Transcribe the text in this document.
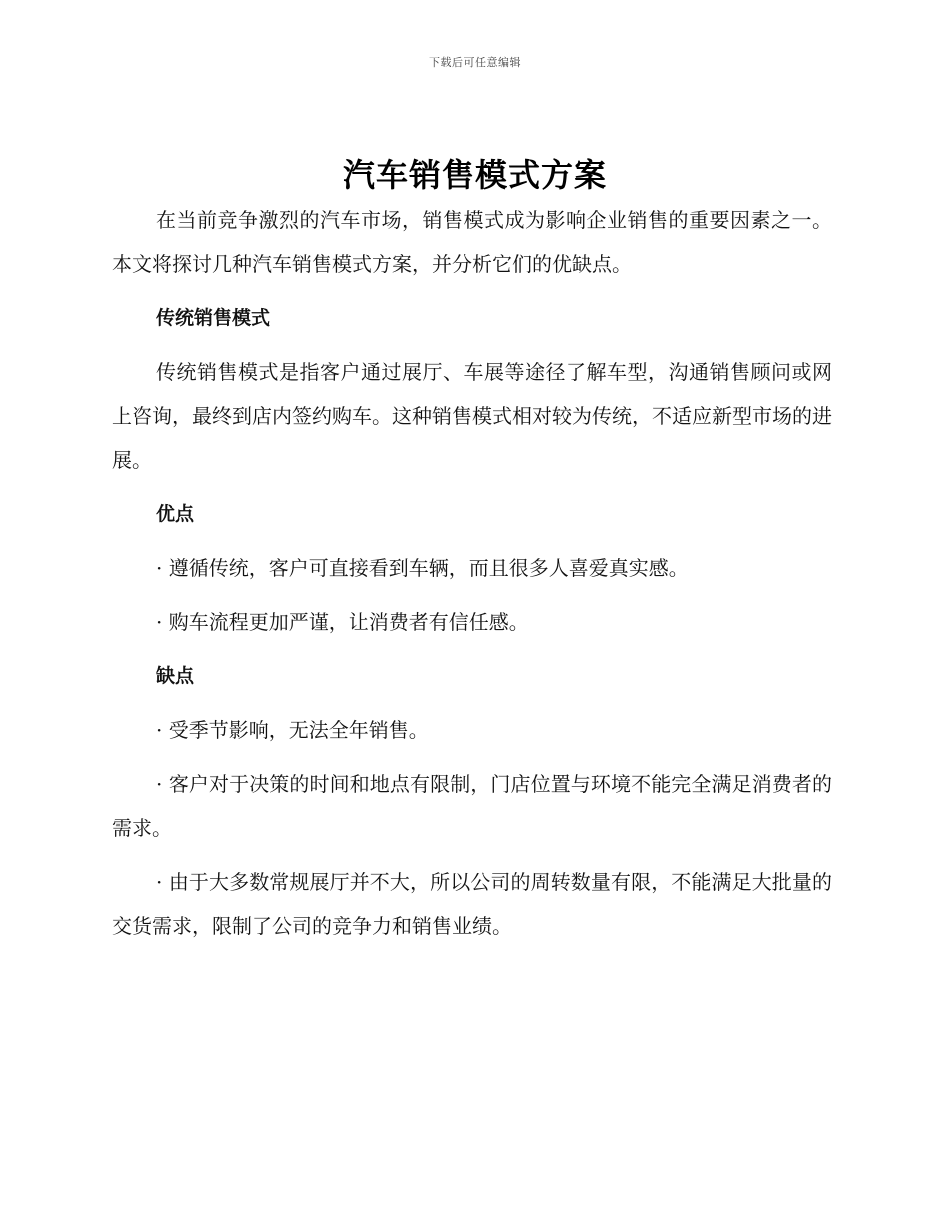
下载后可任意编辑
汽车销售模式方案

在当前竞争激烈的汽车市场，销售模式成为影响企业销售的重要因素之一。本文将探讨几种汽车销售模式方案，并分析它们的优缺点。

传统销售模式

传统销售模式是指客户通过展厅、车展等途径了解车型，沟通销售顾问或网上咨询，最终到店内签约购车。这种销售模式相对较为传统，不适应新型市场的进展。

优点

· 遵循传统，客户可直接看到车辆，而且很多人喜爱真实感。

· 购车流程更加严谨，让消费者有信任感。

缺点

· 受季节影响，无法全年销售。

· 客户对于决策的时间和地点有限制，门店位置与环境不能完全满足消费者的需求。

· 由于大多数常规展厅并不大，所以公司的周转数量有限，不能满足大批量的交货需求，限制了公司的竞争力和销售业绩。
